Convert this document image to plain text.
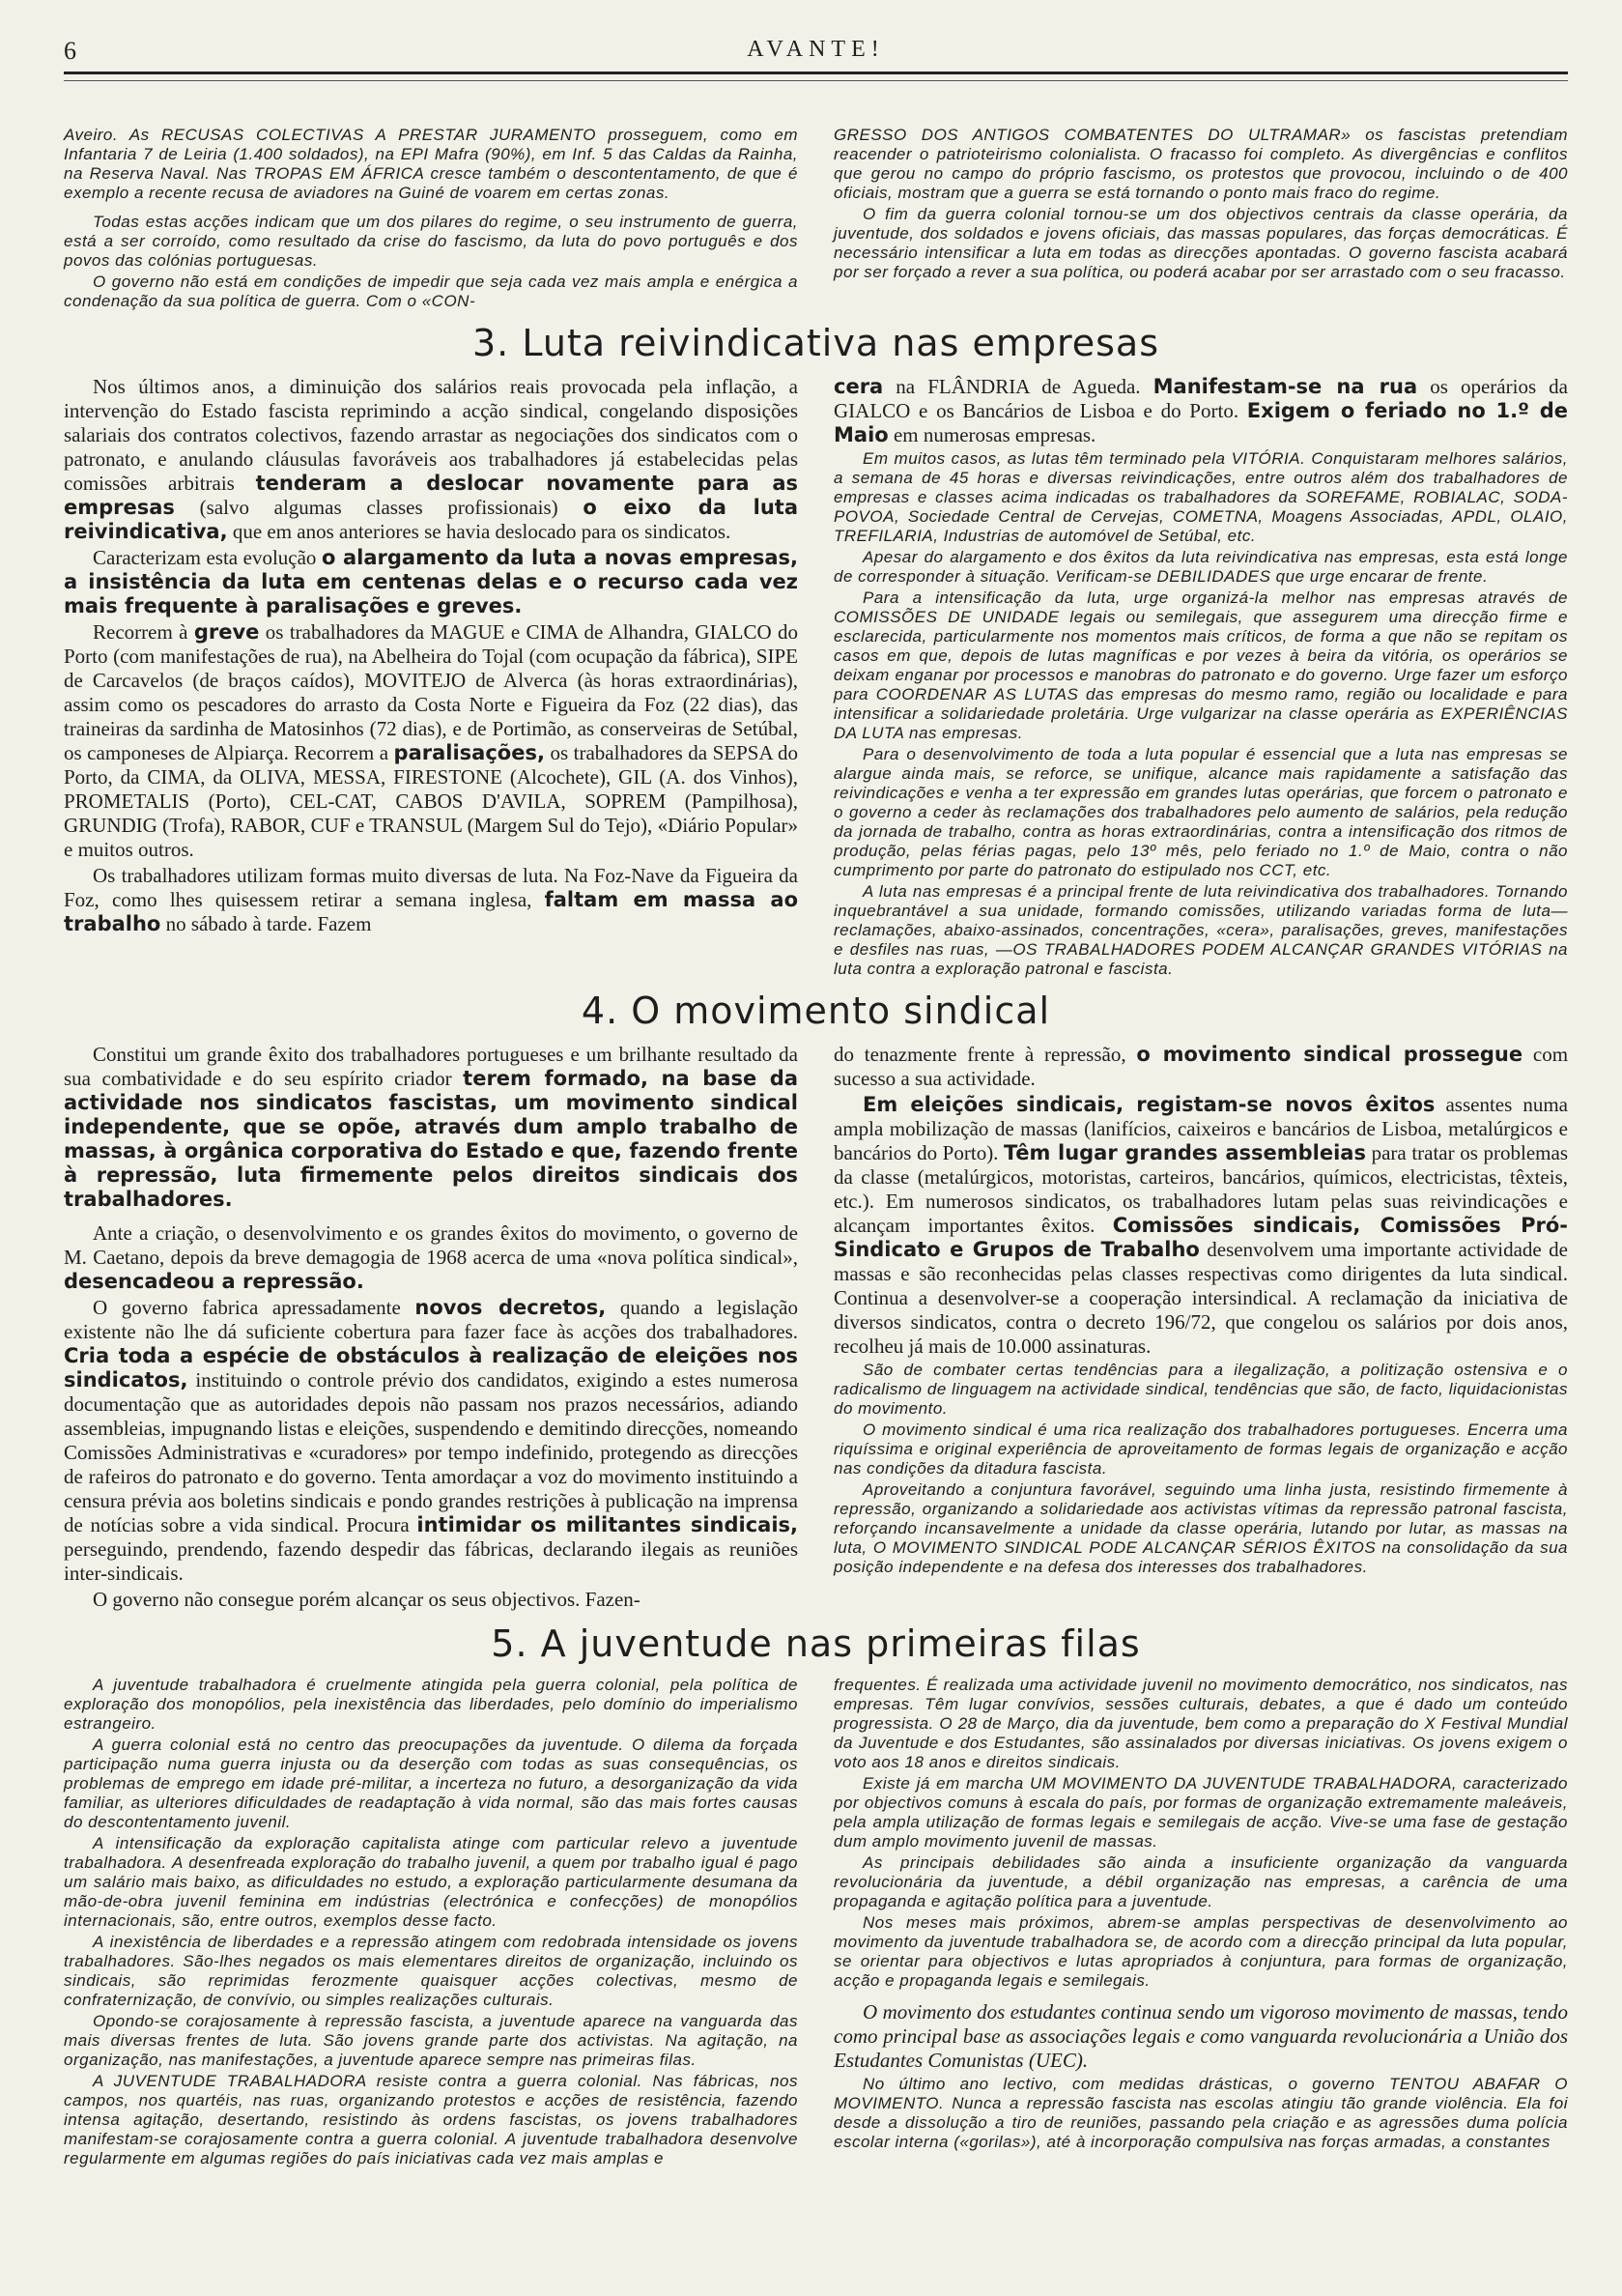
6	AVANTE!

Aveiro. As RECUSAS COLECTIVAS A PRESTAR JURAMENTO prosseguem, como em Infantaria 7 de Leiria (1.400 soldados), na EPI Mafra (90%), em Inf. 5 das Caldas da Rainha, na Reserva Naval. Nas TROPAS EM ÁFRICA cresce também o descontentamento, de que é exemplo a recente recusa de aviadores na Guiné de voarem em certas zonas.

Todas estas acções indicam que um dos pilares do regime, o seu instrumento de guerra, está a ser corroído, como resultado da crise do fascismo, da luta do povo português e dos povos das colónias portuguesas.

O governo não está em condições de impedir que seja cada vez mais ampla e enérgica a condenação da sua política de guerra. Com o «CON-

GRESSO DOS ANTIGOS COMBATENTES DO ULTRAMAR» os fascistas pretendiam reacender o patrioteirismo colonialista. O fracasso foi completo. As divergências e conflitos que gerou no campo do próprio fascismo, os protestos que provocou, incluindo o de 400 oficiais, mostram que a guerra se está tornando o ponto mais fraco do regime.

O fim da guerra colonial tornou-se um dos objectivos centrais da classe operária, da juventude, dos soldados e jovens oficiais, das massas populares, das forças democráticas. É necessário intensificar a luta em todas as direcções apontadas. O governo fascista acabará por ser forçado a rever a sua política, ou poderá acabar por ser arrastado com o seu fracasso.

3. Luta reivindicativa nas empresas

Nos últimos anos, a diminuição dos salários reais provocada pela inflação, a intervenção do Estado fascista reprimindo a acção sindical, congelando disposições salariais dos contratos colectivos, fazendo arrastar as negociações dos sindicatos com o patronato, e anulando cláusulas favoráveis aos trabalhadores já estabelecidas pelas comissões arbitrais tenderam a deslocar novamente para as empresas (salvo algumas classes profissionais) o eixo da luta reivindicativa, que em anos anteriores se havia deslocado para os sindicatos.

Caracterizam esta evolução o alargamento da luta a novas empresas, a insistência da luta em centenas delas e o recurso cada vez mais frequente à paralisações e greves.

Recorrem à greve os trabalhadores da MAGUE e CIMA de Alhandra, GIALCO do Porto (com manifestações de rua), na Abelheira do Tojal (com ocupação da fábrica), SIPE de Carcavelos (de braços caídos), MOVITEJO de Alverca (às horas extraordinárias), assim como os pescadores do arrasto da Costa Norte e Figueira da Foz (22 dias), das traineiras da sardinha de Matosinhos (72 dias), e de Portimão, as conserveiras de Setúbal, os camponeses de Alpiarça. Recorrem a paralisações, os trabalhadores da SEPSA do Porto, da CIMA, da OLIVA, MESSA, FIRESTONE (Alcochete), GIL (A. dos Vinhos), PROMETALIS (Porto), CEL-CAT, CABOS D'AVILA, SOPREM (Pampilhosa), GRUNDIG (Trofa), RABOR, CUF e TRANSUL (Margem Sul do Tejo), «Diário Popular» e muitos outros.

Os trabalhadores utilizam formas muito diversas de luta. Na Foz-Nave da Figueira da Foz, como lhes quisessem retirar a semana inglesa, faltam em massa ao trabalho no sábado à tarde. Fazem

cera na FLÂNDRIA de Agueda. Manifestam-se na rua os operários da GIALCO e os Bancários de Lisboa e do Porto. Exigem o feriado no 1.º de Maio em numerosas empresas.

Em muitos casos, as lutas têm terminado pela VITÓRIA. Conquistaram melhores salários, a semana de 45 horas e diversas reivindicações, entre outros além dos trabalhadores de empresas e classes acima indicadas os trabalhadores da SOREFAME, ROBIALAC, SODA-POVOA, Sociedade Central de Cervejas, COMETNA, Moagens Associadas, APDL, OLAIO, TREFILARIA, Industrias de automóvel de Setúbal, etc.

Apesar do alargamento e dos êxitos da luta reivindicativa nas empresas, esta está longe de corresponder à situação. Verificam-se DEBILIDADES que urge encarar de frente.

Para a intensificação da luta, urge organizá-la melhor nas empresas através de COMISSÕES DE UNIDADE legais ou semilegais, que assegurem uma direcção firme e esclarecida, particularmente nos momentos mais críticos, de forma a que não se repitam os casos em que, depois de lutas magníficas e por vezes à beira da vitória, os operários se deixam enganar por processos e manobras do patronato e do governo. Urge fazer um esforço para COORDENAR AS LUTAS das empresas do mesmo ramo, região ou localidade e para intensificar a solidariedade proletária. Urge vulgarizar na classe operária as EXPERIÊNCIAS DA LUTA nas empresas.

Para o desenvolvimento de toda a luta popular é essencial que a luta nas empresas se alargue ainda mais, se reforce, se unifique, alcance mais rapidamente a satisfação das reivindicações e venha a ter expressão em grandes lutas operárias, que forcem o patronato e o governo a ceder às reclamações dos trabalhadores pelo aumento de salários, pela redução da jornada de trabalho, contra as horas extraordinárias, contra a intensificação dos ritmos de produção, pelas férias pagas, pelo 13º mês, pelo feriado no 1.º de Maio, contra o não cumprimento por parte do patronato do estipulado nos CCT, etc.

A luta nas empresas é a principal frente de luta reivindicativa dos trabalhadores. Tornando inquebrantável a sua unidade, formando comissões, utilizando variadas forma de luta—reclamações, abaixo-assinados, concentrações, «cera», paralisações, greves, manifestações e desfiles nas ruas, —OS TRABALHADORES PODEM ALCANÇAR GRANDES VITÓRIAS na luta contra a exploração patronal e fascista.

4. O movimento sindical

Constitui um grande êxito dos trabalhadores portugueses e um brilhante resultado da sua combatividade e do seu espírito criador terem formado, na base da actividade nos sindicatos fascistas, um movimento sindical independente, que se opõe, através dum amplo trabalho de massas, à orgânica corporativa do Estado e que, fazendo frente à repressão, luta firmemente pelos direitos sindicais dos trabalhadores.

Ante a criação, o desenvolvimento e os grandes êxitos do movimento, o governo de M. Caetano, depois da breve demagogia de 1968 acerca de uma «nova política sindical», desencadeou a repressão.

O governo fabrica apressadamente novos decretos, quando a legislação existente não lhe dá suficiente cobertura para fazer face às acções dos trabalhadores. Cria toda a espécie de obstáculos à realização de eleições nos sindicatos, instituindo o controle prévio dos candidatos, exigindo a estes numerosa documentação que as autoridades depois não passam nos prazos necessários, adiando assembleias, impugnando listas e eleições, suspendendo e demitindo direcções, nomeando Comissões Administrativas e «curadores» por tempo indefinido, protegendo as direcções de rafeiros do patronato e do governo. Tenta amordaçar a voz do movimento instituindo a censura prévia aos boletins sindicais e pondo grandes restrições à publicação na imprensa de notícias sobre a vida sindical. Procura intimidar os militantes sindicais, perseguindo, prendendo, fazendo despedir das fábricas, declarando ilegais as reuniões inter-sindicais.

O governo não consegue porém alcançar os seus objectivos. Fazen-

do tenazmente frente à repressão, o movimento sindical prossegue com sucesso a sua actividade.

Em eleições sindicais, registam-se novos êxitos assentes numa ampla mobilização de massas (lanifícios, caixeiros e bancários de Lisboa, metalúrgicos e bancários do Porto). Têm lugar grandes assembleias para tratar os problemas da classe (metalúrgicos, motoristas, carteiros, bancários, químicos, electricistas, têxteis, etc.). Em numerosos sindicatos, os trabalhadores lutam pelas suas reivindicações e alcançam importantes êxitos. Comissões sindicais, Comissões Pró-Sindicato e Grupos de Trabalho desenvolvem uma importante actividade de massas e são reconhecidas pelas classes respectivas como dirigentes da luta sindical. Continua a desenvolver-se a cooperação intersindical. A reclamação da iniciativa de diversos sindicatos, contra o decreto 196/72, que congelou os salários por dois anos, recolheu já mais de 10.000 assinaturas.

São de combater certas tendências para a ilegalização, a politização ostensiva e o radicalismo de linguagem na actividade sindical, tendências que são, de facto, liquidacionistas do movimento.

O movimento sindical é uma rica realização dos trabalhadores portugueses. Encerra uma riquíssima e original experiência de aproveitamento de formas legais de organização e acção nas condições da ditadura fascista.

Aproveitando a conjuntura favorável, seguindo uma linha justa, resistindo firmemente à repressão, organizando a solidariedade aos activistas vítimas da repressão patronal fascista, reforçando incansavelmente a unidade da classe operária, lutando por lutar, as massas na luta, O MOVIMENTO SINDICAL PODE ALCANÇAR SÉRIOS ÊXITOS na consolidação da sua posição independente e na defesa dos interesses dos trabalhadores.

5. A juventude nas primeiras filas

A juventude trabalhadora é cruelmente atingida pela guerra colonial, pela política de exploração dos monopólios, pela inexistência das liberdades, pelo domínio do imperialismo estrangeiro.

A guerra colonial está no centro das preocupações da juventude. O dilema da forçada participação numa guerra injusta ou da deserção com todas as suas consequências, os problemas de emprego em idade pré-militar, a incerteza no futuro, a desorganização da vida familiar, as ulteriores dificuldades de readaptação à vida normal, são das mais fortes causas do descontentamento juvenil.

A intensificação da exploração capitalista atinge com particular relevo a juventude trabalhadora. A desenfreada exploração do trabalho juvenil, a quem por trabalho igual é pago um salário mais baixo, as dificuldades no estudo, a exploração particularmente desumana da mão-de-obra juvenil feminina em indústrias (electrónica e confecções) de monopólios internacionais, são, entre outros, exemplos desse facto.

A inexistência de liberdades e a repressão atingem com redobrada intensidade os jovens trabalhadores. São-lhes negados os mais elementares direitos de organização, incluindo os sindicais, são reprimidas ferozmente quaisquer acções colectivas, mesmo de confraternização, de convívio, ou simples realizações culturais.

Opondo-se corajosamente à repressão fascista, a juventude aparece na vanguarda das mais diversas frentes de luta. São jovens grande parte dos activistas. Na agitação, na organização, nas manifestações, a juventude aparece sempre nas primeiras filas.

A JUVENTUDE TRABALHADORA resiste contra a guerra colonial. Nas fábricas, nos campos, nos quartéis, nas ruas, organizando protestos e acções de resistência, fazendo intensa agitação, desertando, resistindo às ordens fascistas, os jovens trabalhadores manifestam-se corajosamente contra a guerra colonial. A juventude trabalhadora desenvolve regularmente em algumas regiões do país iniciativas cada vez mais amplas e

frequentes. É realizada uma actividade juvenil no movimento democrático, nos sindicatos, nas empresas. Têm lugar convívios, sessões culturais, debates, a que é dado um conteúdo progressista. O 28 de Março, dia da juventude, bem como a preparação do X Festival Mundial da Juventude e dos Estudantes, são assinalados por diversas iniciativas. Os jovens exigem o voto aos 18 anos e direitos sindicais.

Existe já em marcha UM MOVIMENTO DA JUVENTUDE TRABALHADORA, caracterizado por objectivos comuns à escala do país, por formas de organização extremamente maleáveis, pela ampla utilização de formas legais e semilegais de acção. Vive-se uma fase de gestação dum amplo movimento juvenil de massas.

As principais debilidades são ainda a insuficiente organização da vanguarda revolucionária da juventude, a débil organização nas empresas, a carência de uma propaganda e agitação política para a juventude.

Nos meses mais próximos, abrem-se amplas perspectivas de desenvolvimento ao movimento da juventude trabalhadora se, de acordo com a direcção principal da luta popular, se orientar para objectivos e lutas apropriados à conjuntura, para formas de organização, acção e propaganda legais e semilegais.

O movimento dos estudantes continua sendo um vigoroso movimento de massas, tendo como principal base as associações legais e como vanguarda revolucionária a União dos Estudantes Comunistas (UEC).

No último ano lectivo, com medidas drásticas, o governo TENTOU ABAFAR O MOVIMENTO. Nunca a repressão fascista nas escolas atingiu tão grande violência. Ela foi desde a dissolução a tiro de reuniões, passando pela criação e as agressões duma polícia escolar interna («gorilas»), até à incorporação compulsiva nas forças armadas, a constantes
